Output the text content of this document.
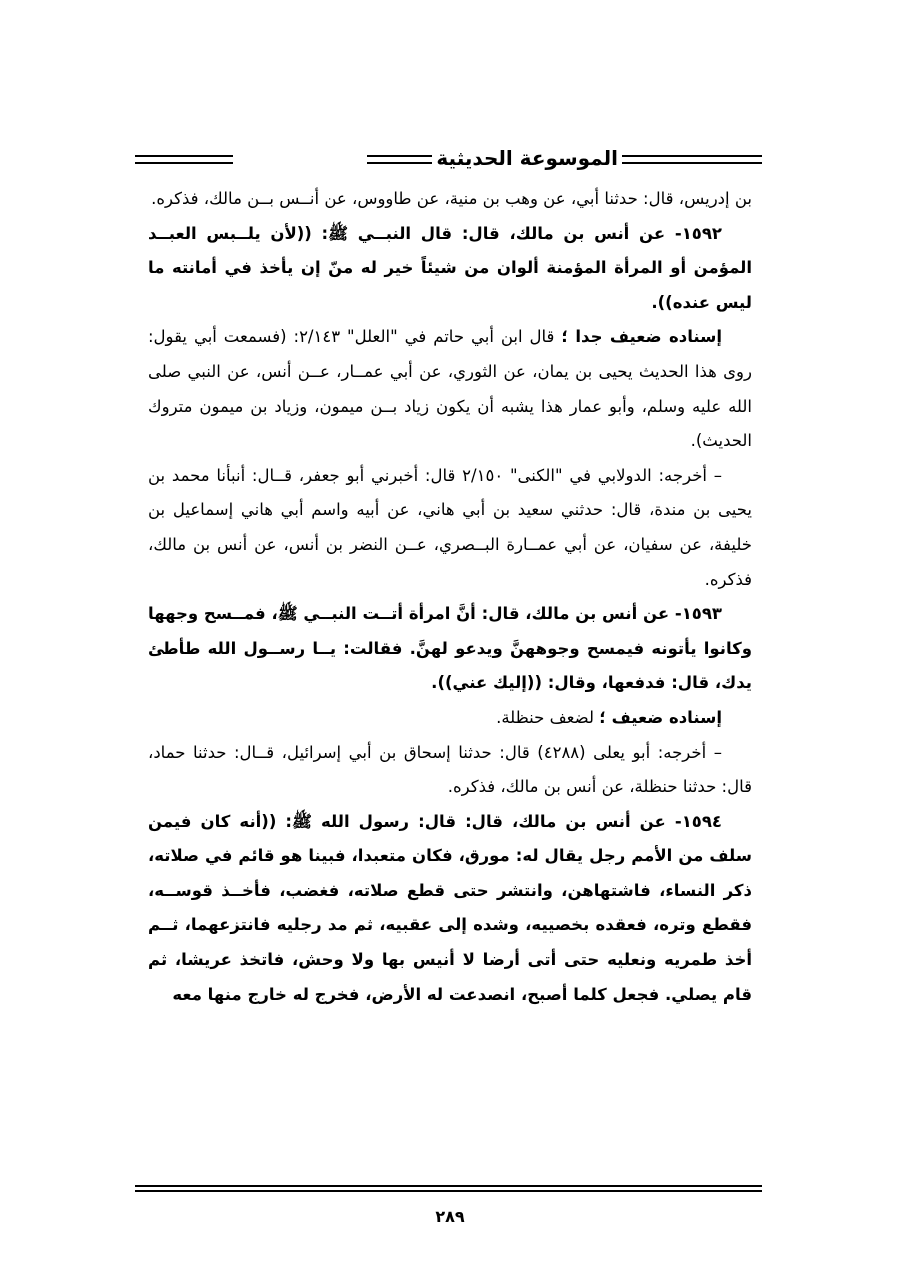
الموسوعة الحديثية

بن إدريس، قال: حدثنا أبي، عن وهب بن منية، عن طاووس، عن أنــس بــن مالك، فذكره.

١٥٩٢- عن أنس بن مالك، قال: قال النبــي ﷺ: ((لأن يلــبس العبــد المؤمن أو المرأة المؤمنة ألوان من شيئاً خير له منّ إن يأخذ في أمانته ما ليس عنده)).

إسناده ضعيف جدا ؛ قال ابن أبي حاتم في "العلل" ٢/١٤٣: (فسمعت أبي يقول: روى هذا الحديث يحيى بن يمان، عن الثوري، عن أبي عمــار، عــن أنس، عن النبي صلى الله عليه وسلم، وأبو عمار هذا يشبه أن يكون زياد بــن ميمون، وزياد بن ميمون متروك الحديث).

– أخرجه: الدولابي في "الكنى" ٢/١٥٠ قال: أخبرني أبو جعفر، قــال: أنبأنا محمد بن يحيى بن مندة، قال: حدثني سعيد بن أبي هاني، عن أبيه واسم أبي هاني إسماعيل بن خليفة، عن سفيان، عن أبي عمــارة البــصري، عــن النضر بن أنس، عن أنس بن مالك، فذكره.

١٥٩٣- عن أنس بن مالك، قال: أنَّ امرأة أتــت النبــي ﷺ، فمــسح وجهها وكانوا يأتونه فيمسح وجوههنَّ ويدعو لهنَّ. فقالت: يــا رســول الله طأطئ يدك، قال: فدفعها، وقال: ((إليك عني)).

إسناده ضعيف ؛ لضعف حنظلة.

– أخرجه: أبو يعلى (٤٢٨٨) قال: حدثنا إسحاق بن أبي إسرائيل، قــال: حدثنا حماد، قال: حدثنا حنظلة، عن أنس بن مالك، فذكره.

١٥٩٤- عن أنس بن مالك، قال: قال: رسول الله ﷺ: ((أنه كان فيمن سلف من الأمم رجل يقال له: مورق، فكان متعبدا، فبينا هو قائم في صلاته، ذكر النساء، فاشتهاهن، وانتشر حتى قطع صلاته، فغضب، فأخــذ قوســه، فقطع وتره، فعقده بخصييه، وشده إلى عقبيه، ثم مد رجليه فانتزعهما، ثــم أخذ طمريه ونعليه حتى أتى أرضا لا أنيس بها ولا وحش، فاتخذ عريشا، ثم قام يصلي. فجعل كلما أصبح، انصدعت له الأرض، فخرج له خارج منها معه

٢٨٩
